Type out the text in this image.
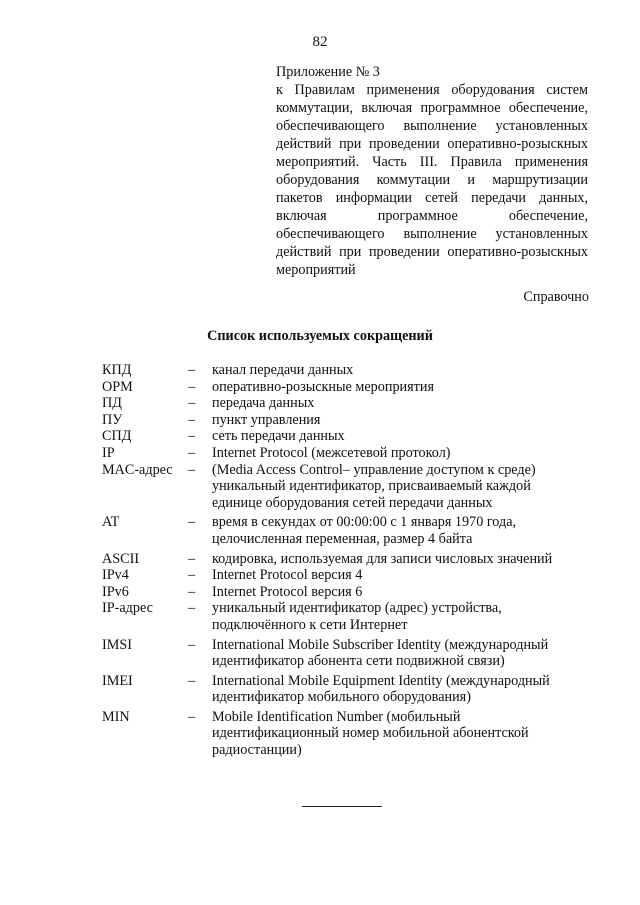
82
Приложение № 3
к Правилам применения оборудования систем коммутации, включая программное обеспечение, обеспечивающего выполнение установленных действий при проведении оперативно-розыскных мероприятий. Часть III. Правила применения оборудования коммутации и маршрутизации пакетов информации сетей передачи данных, включая программное обеспечение, обеспечивающего выполнение установленных действий при проведении оперативно-розыскных мероприятий
Справочно
Список используемых сокращений
КПД	–	канал передачи данных
ОРМ	–	оперативно-розыскные мероприятия
ПД	–	передача данных
ПУ	–	пункт управления
СПД	–	сеть передачи данных
IP	–	Internet Protocol (межсетевой протокол)
MAC-адрес	–	(Media Access Control– управление доступом к среде) уникальный идентификатор, присваиваемый каждой единице оборудования сетей передачи данных
AT	–	время в секундах от 00:00:00 с 1 января 1970 года, целочисленная переменная, размер 4 байта
ASCII	–	кодировка, используемая для записи числовых значений
IPv4	–	Internet Protocol версия 4
IPv6	–	Internet Protocol версия 6
IP-адрес	–	уникальный идентификатор (адрес) устройства, подключённого к сети Интернет
IMSI	–	International Mobile Subscriber Identity (международный идентификатор абонента сети подвижной связи)
IMEI	–	International Mobile Equipment Identity (международный идентификатор мобильного оборудования)
MIN	–	Mobile Identification Number (мобильный идентификационный номер мобильной абонентской радиостанции)
